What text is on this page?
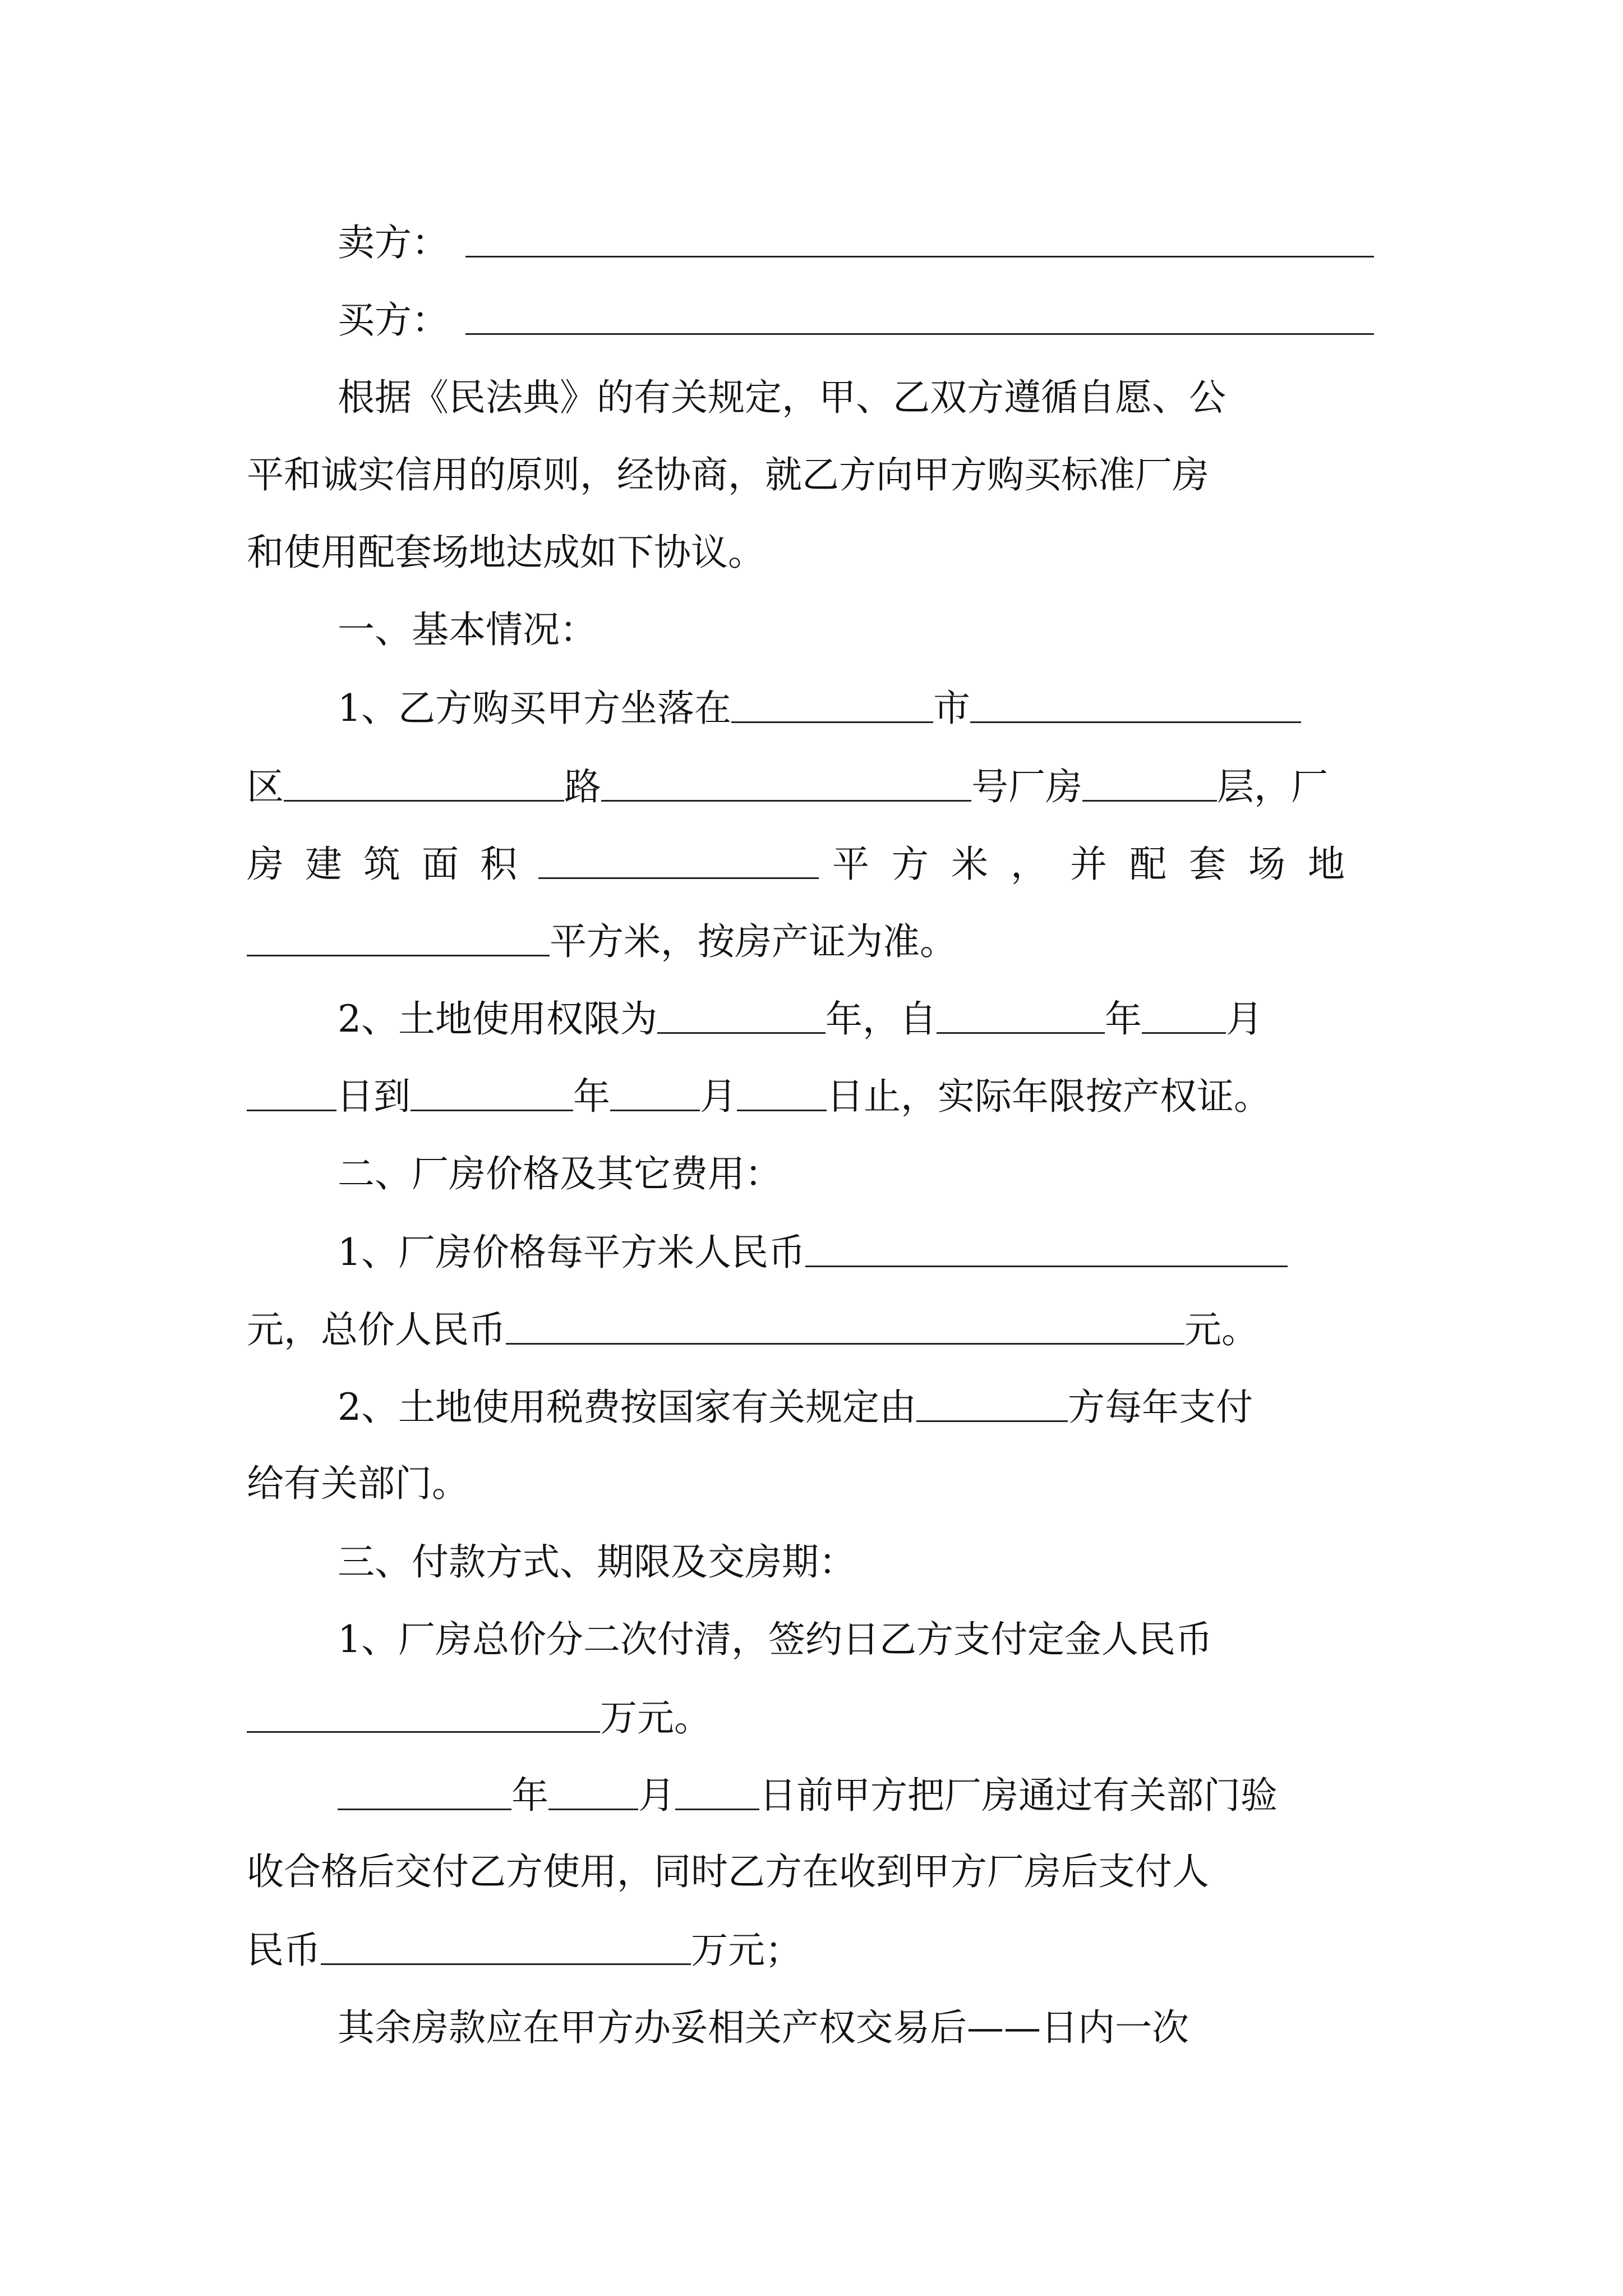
卖方：
买方：
根据《民法典》的有关规定，甲、乙双方遵循自愿、公
平和诚实信用的原则，经协商，就乙方向甲方购买标准厂房
和使用配套场地达成如下协议。
一、基本情况：
1、乙方购买甲方坐落在	市
区	路	号厂房	层，厂
房建筑面积	平方米，并配套场地
平方米，按房产证为准。
2、土地使用权限为	年，自	年 月
日到	年 月 日止，实际年限按产权证。
二、厂房价格及其它费用：
1、厂房价格每平方米人民币
元，总价人民币	元。
2、土地使用税费按国家有关规定由	方每年支付
给有关部门。
三、付款方式、期限及交房期：
1、厂房总价分二次付清，签约日乙方支付定金人民币
万元。
年 月 日前甲方把厂房通过有关部门验
收合格后交付乙方使用，同时乙方在收到甲方厂房后支付人
民币	万元；
其余房款应在甲方办妥相关产权交易后——日内一次
